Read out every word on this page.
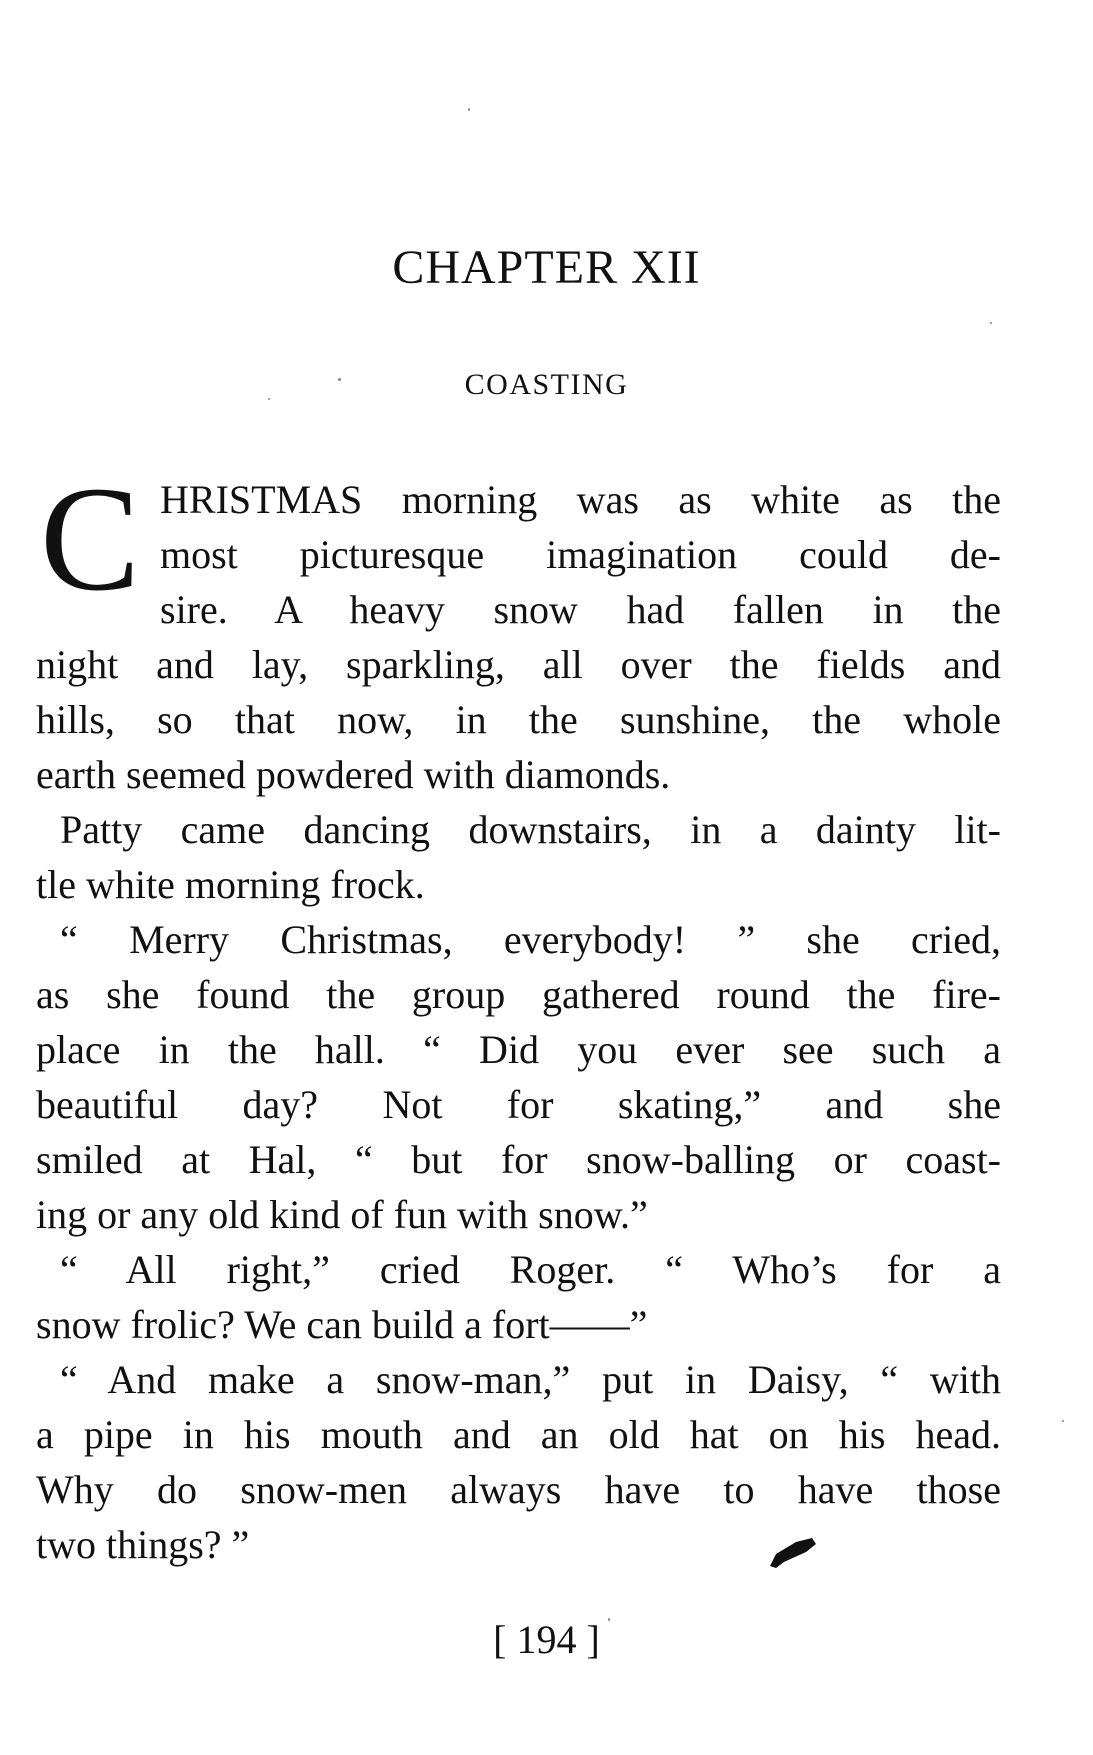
CHAPTER XII
COASTING
C HRISTMAS morning was as white as the
most picturesque imagination could de-
sire. A heavy snow had fallen in the
night and lay, sparkling, all over the fields and
hills, so that now, in the sunshine, the whole
earth seemed powdered with diamonds.
Patty came dancing downstairs, in a dainty lit-
tle white morning frock.
“ Merry Christmas, everybody! ” she cried,
as she found the group gathered round the fire-
place in the hall. “ Did you ever see such a
beautiful day? Not for skating,” and she
smiled at Hal, “ but for snow-balling or coast-
ing or any old kind of fun with snow.”
“ All right,” cried Roger. “ Who’s for a
snow frolic? We can build a fort——”
“ And make a snow-man,” put in Daisy, “ with
a pipe in his mouth and an old hat on his head.
Why do snow-men always have to have those
two things? ”
[ 194 ]
